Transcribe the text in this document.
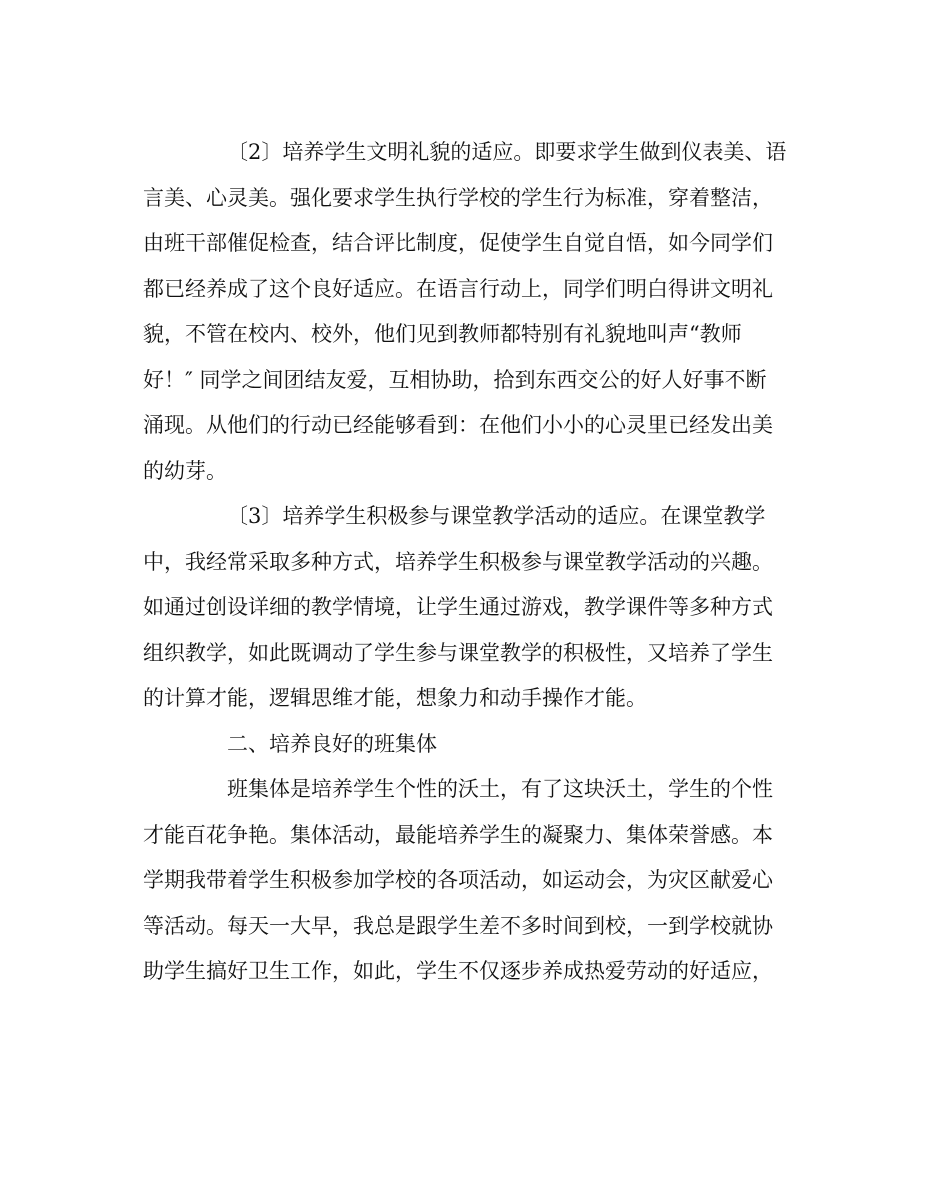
〔2〕培养学生文明礼貌的适应。即要求学生做到仪表美、语
言美、心灵美。强化要求学生执行学校的学生行为标准，穿着整洁，
由班干部催促检查，结合评比制度，促使学生自觉自悟，如今同学们
都已经养成了这个良好适应。在语言行动上，同学们明白得讲文明礼
貌，不管在校内、校外，他们见到教师都特别有礼貌地叫声“教师
好！″ 同学之间团结友爱，互相协助，拾到东西交公的好人好事不断
涌现。从他们的行动已经能够看到：在他们小小的心灵里已经发出美
的幼芽。
〔3〕培养学生积极参与课堂教学活动的适应。在课堂教学
中，我经常采取多种方式，培养学生积极参与课堂教学活动的兴趣。
如通过创设详细的教学情境，让学生通过游戏，教学课件等多种方式
组织教学，如此既调动了学生参与课堂教学的积极性，又培养了学生
的计算才能，逻辑思维才能，想象力和动手操作才能。
二、培养良好的班集体
班集体是培养学生个性的沃土，有了这块沃土，学生的个性
才能百花争艳。集体活动，最能培养学生的凝聚力、集体荣誉感。本
学期我带着学生积极参加学校的各项活动，如运动会，为灾区献爱心
等活动。每天一大早，我总是跟学生差不多时间到校，一到学校就协
助学生搞好卫生工作，如此，学生不仅逐步养成热爱劳动的好适应，
